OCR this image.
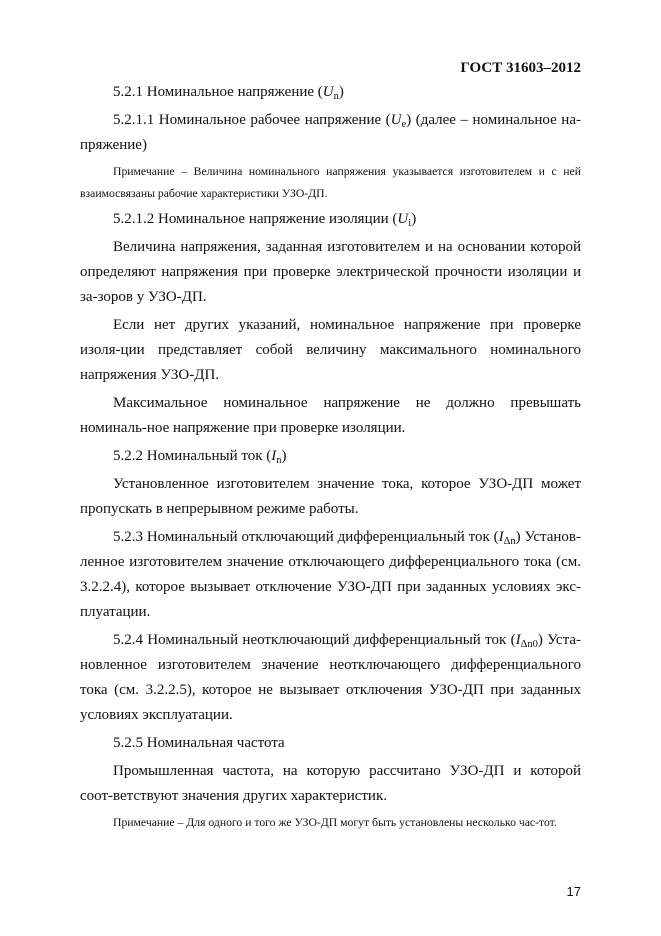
ГОСТ 31603–2012

5.2.1 Номинальное напряжение $(U_n)$

5.2.1.1 Номинальное рабочее напряжение $(U_e)$ (далее – номинальное на-пряжение)

Примечание – Величина номинального напряжения указывается изготовителем и с ней взаимосвязаны рабочие характеристики УЗО-ДП.

5.2.1.2 Номинальное напряжение изоляции $(U_i)$

Величина напряжения, заданная изготовителем и на основании которой определяют напряжения при проверке электрической прочности изоляции и за-зоров у УЗО-ДП.

Если нет других указаний, номинальное напряжение при проверке изоля-ции представляет собой величину максимального номинального напряжения УЗО-ДП.

Максимальное номинальное напряжение не должно превышать номиналь-ное напряжение при проверке изоляции.

5.2.2 Номинальный ток $(I_n)$

Установленное изготовителем значение тока, которое УЗО-ДП может пропускать в непрерывном режиме работы.

5.2.3 Номинальный отключающий дифференциальный ток $(I_{\Delta n})$ Установ-ленное изготовителем значение отключающего дифференциального тока (см. 3.2.2.4), которое вызывает отключение УЗО-ДП при заданных условиях экс-плуатации.

5.2.4 Номинальный неотключающий дифференциальный ток $(I_{\Delta n0})$ Уста-новленное изготовителем значение неотключающего дифференциального тока (см. 3.2.2.5), которое не вызывает отключения УЗО-ДП при заданных условиях эксплуатации.

5.2.5 Номинальная частота

Промышленная частота, на которую рассчитано УЗО-ДП и которой соот-ветствуют значения других характеристик.

Примечание – Для одного и того же УЗО-ДП могут быть установлены несколько час-тот.

17
